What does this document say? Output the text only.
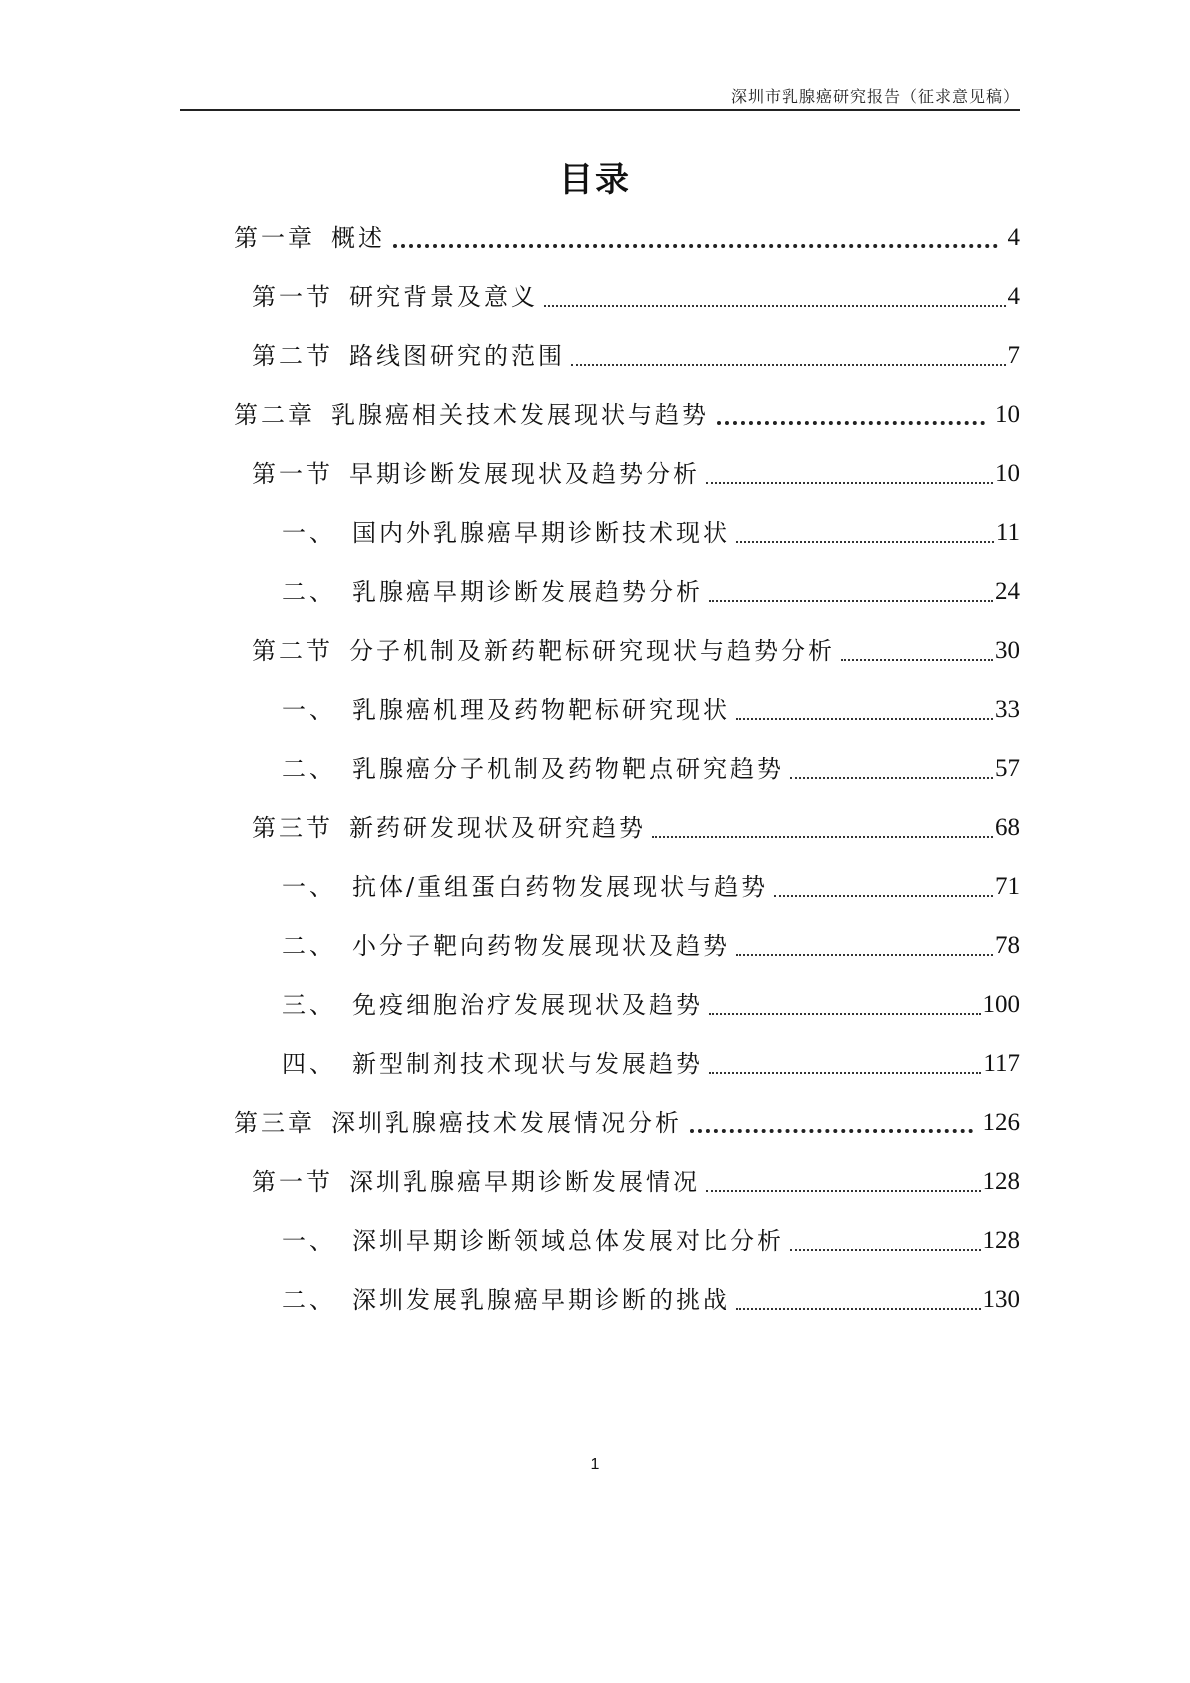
深圳市乳腺癌研究报告（征求意见稿）
目录
第一章 概述	4
第一节 研究背景及意义	4
第二节 路线图研究的范围	7
第二章 乳腺癌相关技术发展现状与趋势	10
第一节 早期诊断发展现状及趋势分析	10
一、 国内外乳腺癌早期诊断技术现状	11
二、 乳腺癌早期诊断发展趋势分析	24
第二节 分子机制及新药靶标研究现状与趋势分析	30
一、 乳腺癌机理及药物靶标研究现状	33
二、 乳腺癌分子机制及药物靶点研究趋势	57
第三节 新药研发现状及研究趋势	68
一、 抗体/重组蛋白药物发展现状与趋势	71
二、 小分子靶向药物发展现状及趋势	78
三、 免疫细胞治疗发展现状及趋势	100
四、 新型制剂技术现状与发展趋势	117
第三章 深圳乳腺癌技术发展情况分析	126
第一节 深圳乳腺癌早期诊断发展情况	128
一、 深圳早期诊断领域总体发展对比分析	128
二、 深圳发展乳腺癌早期诊断的挑战	130
1
